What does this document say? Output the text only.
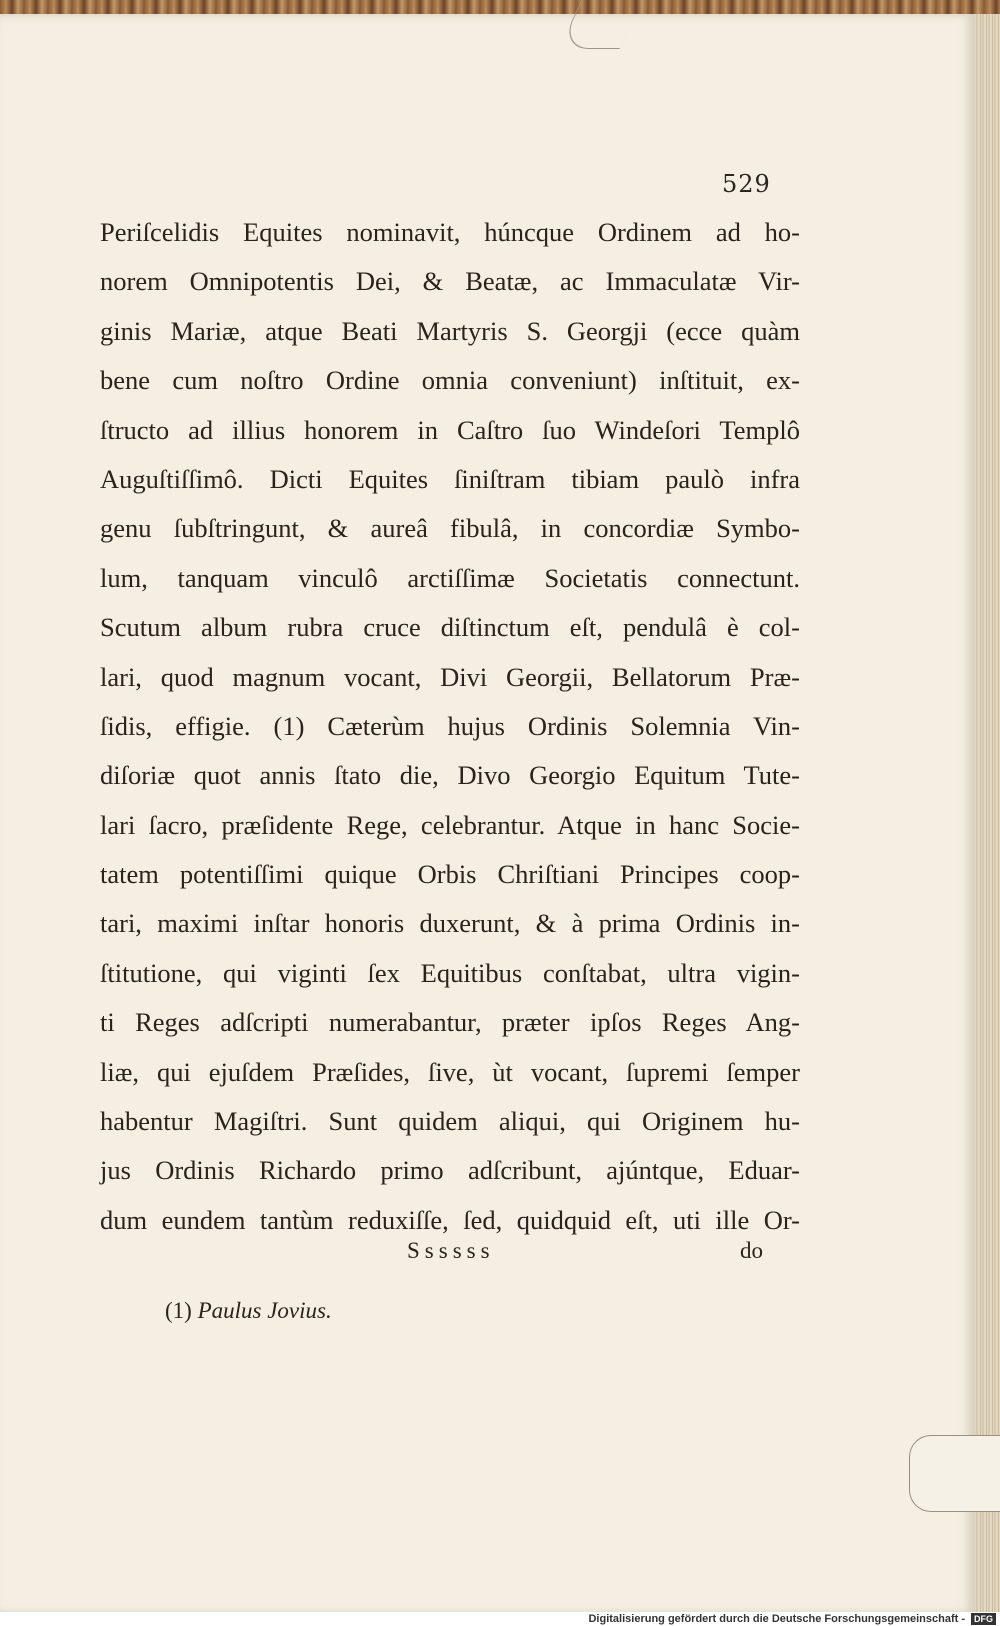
529
Periſcelidis Equites nominavit, húncque Ordinem ad ho-
norem Omnipotentis Dei, & Beatæ, ac Immaculatæ Vir-
ginis Mariæ, atque Beati Martyris S. Georgji (ecce quàm
bene cum noſtro Ordine omnia conveniunt) inſtituit, ex-
ſtructo ad illius honorem in Caſtro ſuo Windeſori Templô
Auguſtiſſimô. Dicti Equites ſiniſtram tibiam paulò infra
genu ſubſtringunt, & aureâ fibulâ, in concordiæ Symbo-
lum, tanquam vinculô arctiſſimæ Societatis connectunt.
Scutum album rubra cruce diſtinctum eſt, pendulâ è col-
lari, quod magnum vocant, Divi Georgii, Bellatorum Præ-
ſidis, effigie. (1) Cæterùm hujus Ordinis Solemnia Vin-
diſoriæ quot annis ſtato die, Divo Georgio Equitum Tute-
lari ſacro, præſidente Rege, celebrantur. Atque in hanc Socie-
tatem potentiſſimi quique Orbis Chriſtiani Principes coop-
tari, maximi inſtar honoris duxerunt, & à prima Ordinis in-
ſtitutione, qui viginti ſex Equitibus conſtabat, ultra vigin-
ti Reges adſcripti numerabantur, præter ipſos Reges Ang-
liæ, qui ejuſdem Præſides, ſive, ùt vocant, ſupremi ſemper
habentur Magiſtri. Sunt quidem aliqui, qui Originem hu-
jus Ordinis Richardo primo adſcribunt, ajúntque, Eduar-
dum eundem tantùm reduxiſſe, ſed, quidquid eſt, uti ille Or-
Ssssss	do
(1) Paulus Jovius.
Digitalisierung gefördert durch die Deutsche Forschungsgemeinschaft - DFG
